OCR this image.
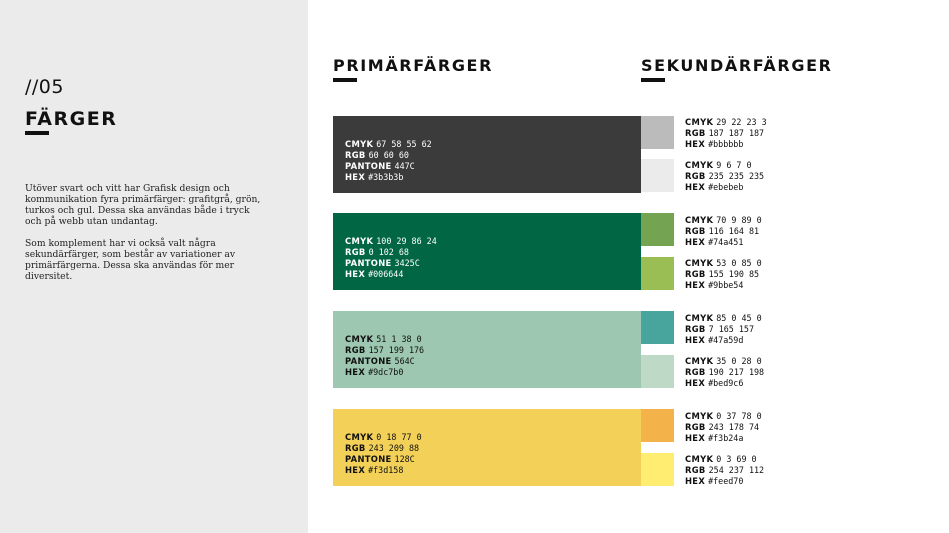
//05
FÄRGER

Utöver svart och vitt har Grafisk design och kommunikation fyra primärfärger: grafitgrå, grön, turkos och gul. Dessa ska användas både i tryck och på webb utan undantag.

Som komplement har vi också valt några sekundärfärger, som består av variationer av primärfärgerna. Dessa ska användas för mer diversitet.

PRIMÄRFÄRGER	SEKUNDÄRFÄRGER
CMYK 67 58 55 62
RGB 60 60 60
PANTONE 447C
HEX #3b3b3b
CMYK 100 29 86 24
RGB 0 102 68
PANTONE 3425C
HEX #006644
CMYK 51 1 38 0
RGB 157 199 176
PANTONE 564C
HEX #9dc7b0
CMYK 0 18 77 0
RGB 243 209 88
PANTONE 128C
HEX #f3d158
CMYK 29 22 23 3
RGB 187 187 187
HEX #bbbbbb
CMYK 9 6 7 0
RGB 235 235 235
HEX #ebebeb
CMYK 70 9 89 0
RGB 116 164 81
HEX #74a451
CMYK 53 0 85 0
RGB 155 190 85
HEX #9bbe54
CMYK 85 0 45 0
RGB 7 165 157
HEX #47a59d
CMYK 35 0 28 0
RGB 190 217 198
HEX #bed9c6
CMYK 0 37 78 0
RGB 243 178 74
HEX #f3b24a
CMYK 0 3 69 0
RGB 254 237 112
HEX #feed70
